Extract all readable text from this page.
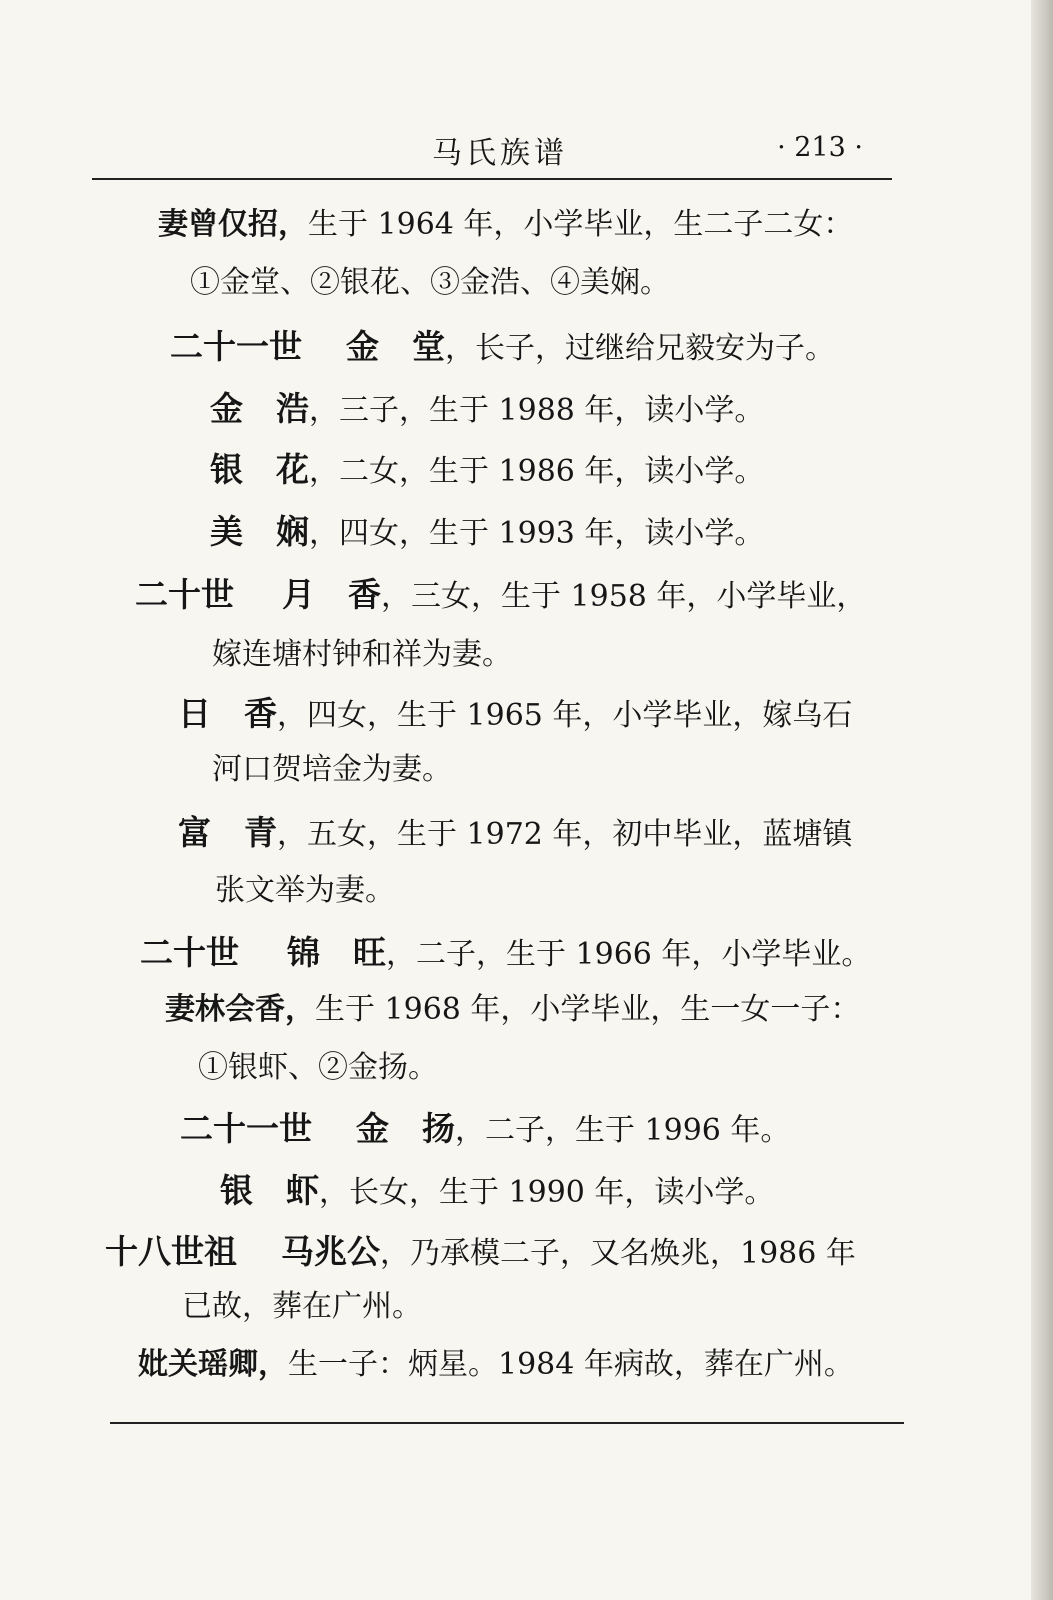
马氏族谱	· 213 ·
妻曾仅招，生于 1964 年，小学毕业，生二子二女：
①金堂、②银花、③金浩、④美娴。
二十一世 金　堂，长子，过继给兄毅安为子。
金　浩，三子，生于 1988 年，读小学。
银　花，二女，生于 1986 年，读小学。
美　娴，四女，生于 1993 年，读小学。
二十世 月　香，三女，生于 1958 年，小学毕业，
嫁连塘村钟和祥为妻。
日　香，四女，生于 1965 年，小学毕业，嫁乌石
河口贺培金为妻。
富　青，五女，生于 1972 年，初中毕业，蓝塘镇
张文举为妻。
二十世 锦　旺，二子，生于 1966 年，小学毕业。
妻林会香，生于 1968 年，小学毕业，生一女一子：
①银虾、②金扬。
二十一世 金　扬，二子，生于 1996 年。
银　虾，长女，生于 1990 年，读小学。
十八世祖 马兆公，乃承模二子，又名焕兆，1986 年
已故，葬在广州。
妣关瑶卿，生一子：炳星。1984 年病故，葬在广州。
